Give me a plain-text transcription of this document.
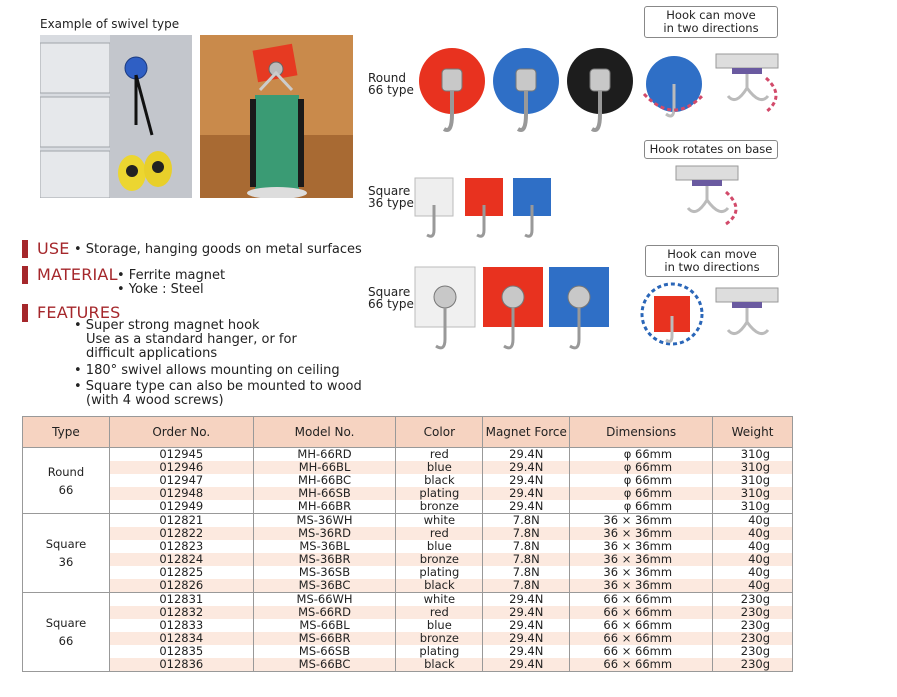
Example of swivel type
Round
66 type
Square
36 type
Square
66 type
Hook can move
in two directions
Hook rotates on base
Hook can move
in two directions
USE • Storage, hanging goods on metal surfaces
MATERIAL • Ferrite magnet
• Yoke : Steel
FEATURES
• Super strong magnet hook
Use as a standard hanger, or for
difficult applications
• 180° swivel allows mounting on ceiling
• Square type can also be mounted to wood
(with 4 wood screws)
Type	Order No.	Model No.	Color	Magnet Force	Dimensions	Weight

Round
66	012945	MH-66RD	red	29.4N	φ 66mm	310g
	012946	MH-66BL	blue	29.4N	φ 66mm	310g
	012947	MH-66BC	black	29.4N	φ 66mm	310g
	012948	MH-66SB	plating	29.4N	φ 66mm	310g
	012949	MH-66BR	bronze	29.4N	φ 66mm	310g

Square
36	012821	MS-36WH	white	7.8N	36 × 36mm	40g
	012822	MS-36RD	red	7.8N	36 × 36mm	40g
	012823	MS-36BL	blue	7.8N	36 × 36mm	40g
	012824	MS-36BR	bronze	7.8N	36 × 36mm	40g
	012825	MS-36SB	plating	7.8N	36 × 36mm	40g
	012826	MS-36BC	black	7.8N	36 × 36mm	40g

Square
66	012831	MS-66WH	white	29.4N	66 × 66mm	230g
	012832	MS-66RD	red	29.4N	66 × 66mm	230g
	012833	MS-66BL	blue	29.4N	66 × 66mm	230g
	012834	MS-66BR	bronze	29.4N	66 × 66mm	230g
	012835	MS-66SB	plating	29.4N	66 × 66mm	230g
	012836	MS-66BC	black	29.4N	66 × 66mm	230g
